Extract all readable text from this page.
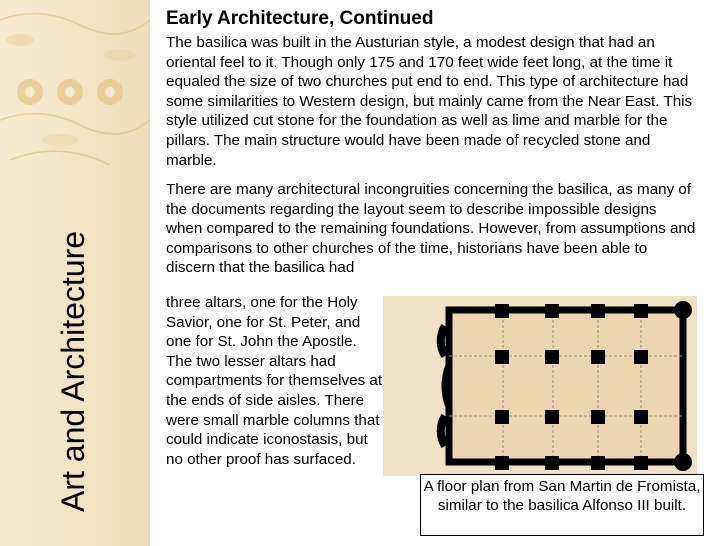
Art and Architecture
Early Architecture, Continued

The basilica was built in the Austurian style, a modest design that had an oriental feel to it. Though only 175 and 170 feet wide feet long, at the time it equaled the size of two churches put end to end. This type of architecture had some similarities to Western design, but mainly came from the Near East. This style utilized cut stone for the foundation as well as lime and marble for the pillars. The main structure would have been made of recycled stone and marble.

There are many architectural incongruities concerning the basilica, as many of the documents regarding the layout seem to describe impossible designs when compared to the remaining foundations. However, from assumptions and comparisons to other churches of the time, historians have been able to discern that the basilica had

three altars, one for the Holy Savior, one for St. Peter, and one for St. John the Apostle. The two lesser altars had compartments for themselves at the ends of side aisles. There were small marble columns that could indicate iconostasis, but no other proof has surfaced.

A floor plan from San Martin de Fromista, similar to the basilica Alfonso III built.
